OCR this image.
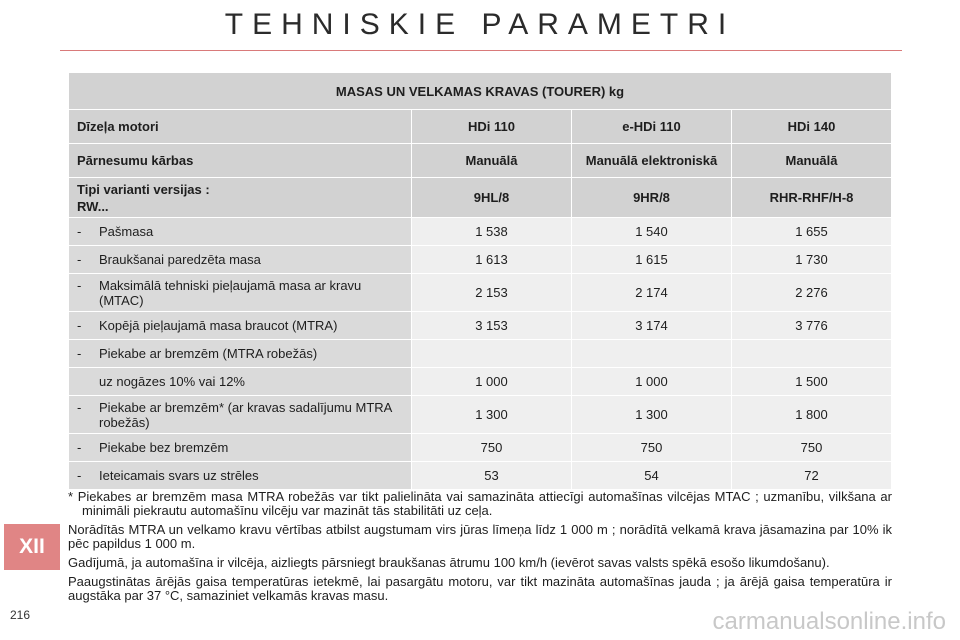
TEHNISKIE PARAMETRI
MASAS UN VELKAMAS KRAVAS (TOURER) kg			
Dīzeļa motori	HDi 110	e-HDi 110	HDi 140
Pārnesumu kārbas	Manuālā	Manuālā elektroniskā	Manuālā

Tipi varianti versijas :
RW...	9HL/8	9HR/8	RHR-RHF/H-8
- Pašmasa	1 538	1 540	1 655
- Braukšanai paredzēta masa	1 613	1 615	1 730
- Maksimālā tehniski pieļaujamā masa ar kravu (MTAC)	2 153	2 174	2 276
- Kopējā pieļaujamā masa braucot (MTRA)	3 153	3 174	3 776
- Piekabe ar bremzēm (MTRA robežās)			
uz nogāzes 10% vai 12%	1 000	1 000	1 500
- Piekabe ar bremzēm* (ar kravas sadalījumu MTRA robežās)	1 300	1 300	1 800
- Piekabe bez bremzēm	750	750	750
- Ieteicamais svars uz strēles	53	54	72

* Piekabes ar bremzēm masa MTRA robežās var tikt palielināta vai samazināta attiecīgi automašīnas vilcējas MTAC ; uzmanību, vilkšana ar minimāli piekrautu automašīnu vilcēju var mazināt tās stabilitāti uz ceļa.

Norādītās MTRA un velkamo kravu vērtības atbilst augstumam virs jūras līmeņa līdz 1 000 m ; norādītā velkamā krava jāsamazina par 10% ik pēc papildus 1 000 m.

Gadījumā, ja automašīna ir vilcēja, aizliegts pārsniegt braukšanas ātrumu 100 km/h (ievērot savas valsts spēkā esošo likumdošanu).

Paaugstinātas ārējās gaisa temperatūras ietekmē, lai pasargātu motoru, var tikt mazināta automašīnas jauda ; ja ārējā gaisa temperatūra ir augstāka par 37 °C, samaziniet velkamās kravas masu.

XII
216	carmanualsonline.info
